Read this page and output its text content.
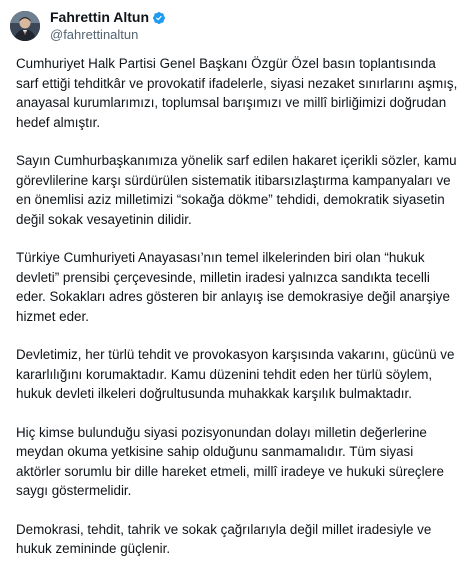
Fahrettin Altun
@fahrettinaltun

Cumhuriyet Halk Partisi Genel Başkanı Özgür Özel basın toplantısında sarf ettiği tehditkâr ve provokatif ifadelerle, siyasi nezaket sınırlarını aşmış, anayasal kurumlarımızı, toplumsal barışımızı ve millî birliğimizi doğrudan hedef almıştır.

Sayın Cumhurbaşkanımıza yönelik sarf edilen hakaret içerikli sözler, kamu görevlilerine karşı sürdürülen sistematik itibarsızlaştırma kampanyaları ve en önemlisi aziz milletimizi “sokağa dökme” tehdidi, demokratik siyasetin değil sokak vesayetinin dilidir.

Türkiye Cumhuriyeti Anayasası’nın temel ilkelerinden biri olan “hukuk devleti” prensibi çerçevesinde, milletin iradesi yalnızca sandıkta tecelli eder. Sokakları adres gösteren bir anlayış ise demokrasiye değil anarşiye hizmet eder.

Devletimiz, her türlü tehdit ve provokasyon karşısında vakarını, gücünü ve kararlılığını korumaktadır. Kamu düzenini tehdit eden her türlü söylem, hukuk devleti ilkeleri doğrultusunda muhakkak karşılık bulmaktadır.

Hiç kimse bulunduğu siyasi pozisyonundan dolayı milletin değerlerine meydan okuma yetkisine sahip olduğunu sanmamalıdır. Tüm siyasi aktörler sorumlu bir dille hareket etmeli, millî iradeye ve hukuki süreçlere saygı göstermelidir.

Demokrasi, tehdit, tahrik ve sokak çağrılarıyla değil millet iradesiyle ve hukuk zemininde güçlenir.
